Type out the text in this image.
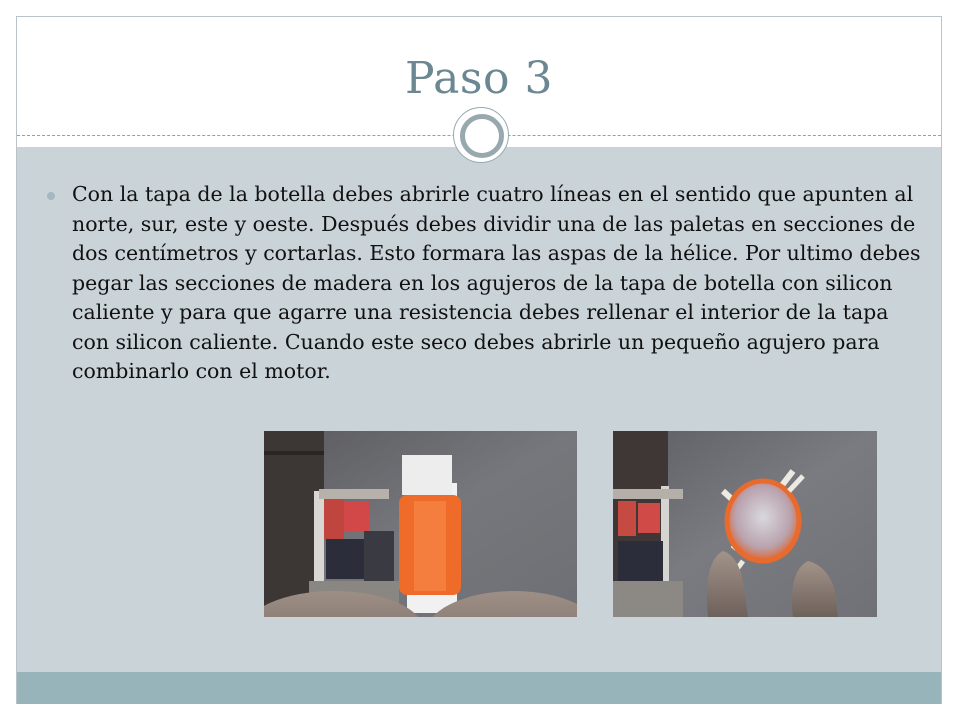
Paso 3

Con la tapa de la botella debes abrirle cuatro líneas en el sentido que apunten al norte, sur, este y oeste. Después debes dividir una de las paletas en secciones de dos centímetros y cortarlas. Esto formara las aspas de la hélice. Por ultimo debes pegar las secciones de madera en los agujeros de la tapa de botella con silicon caliente y para que agarre una resistencia debes rellenar el interior de la tapa con silicon caliente. Cuando este seco debes abrirle un pequeño agujero para combinarlo con el motor.
